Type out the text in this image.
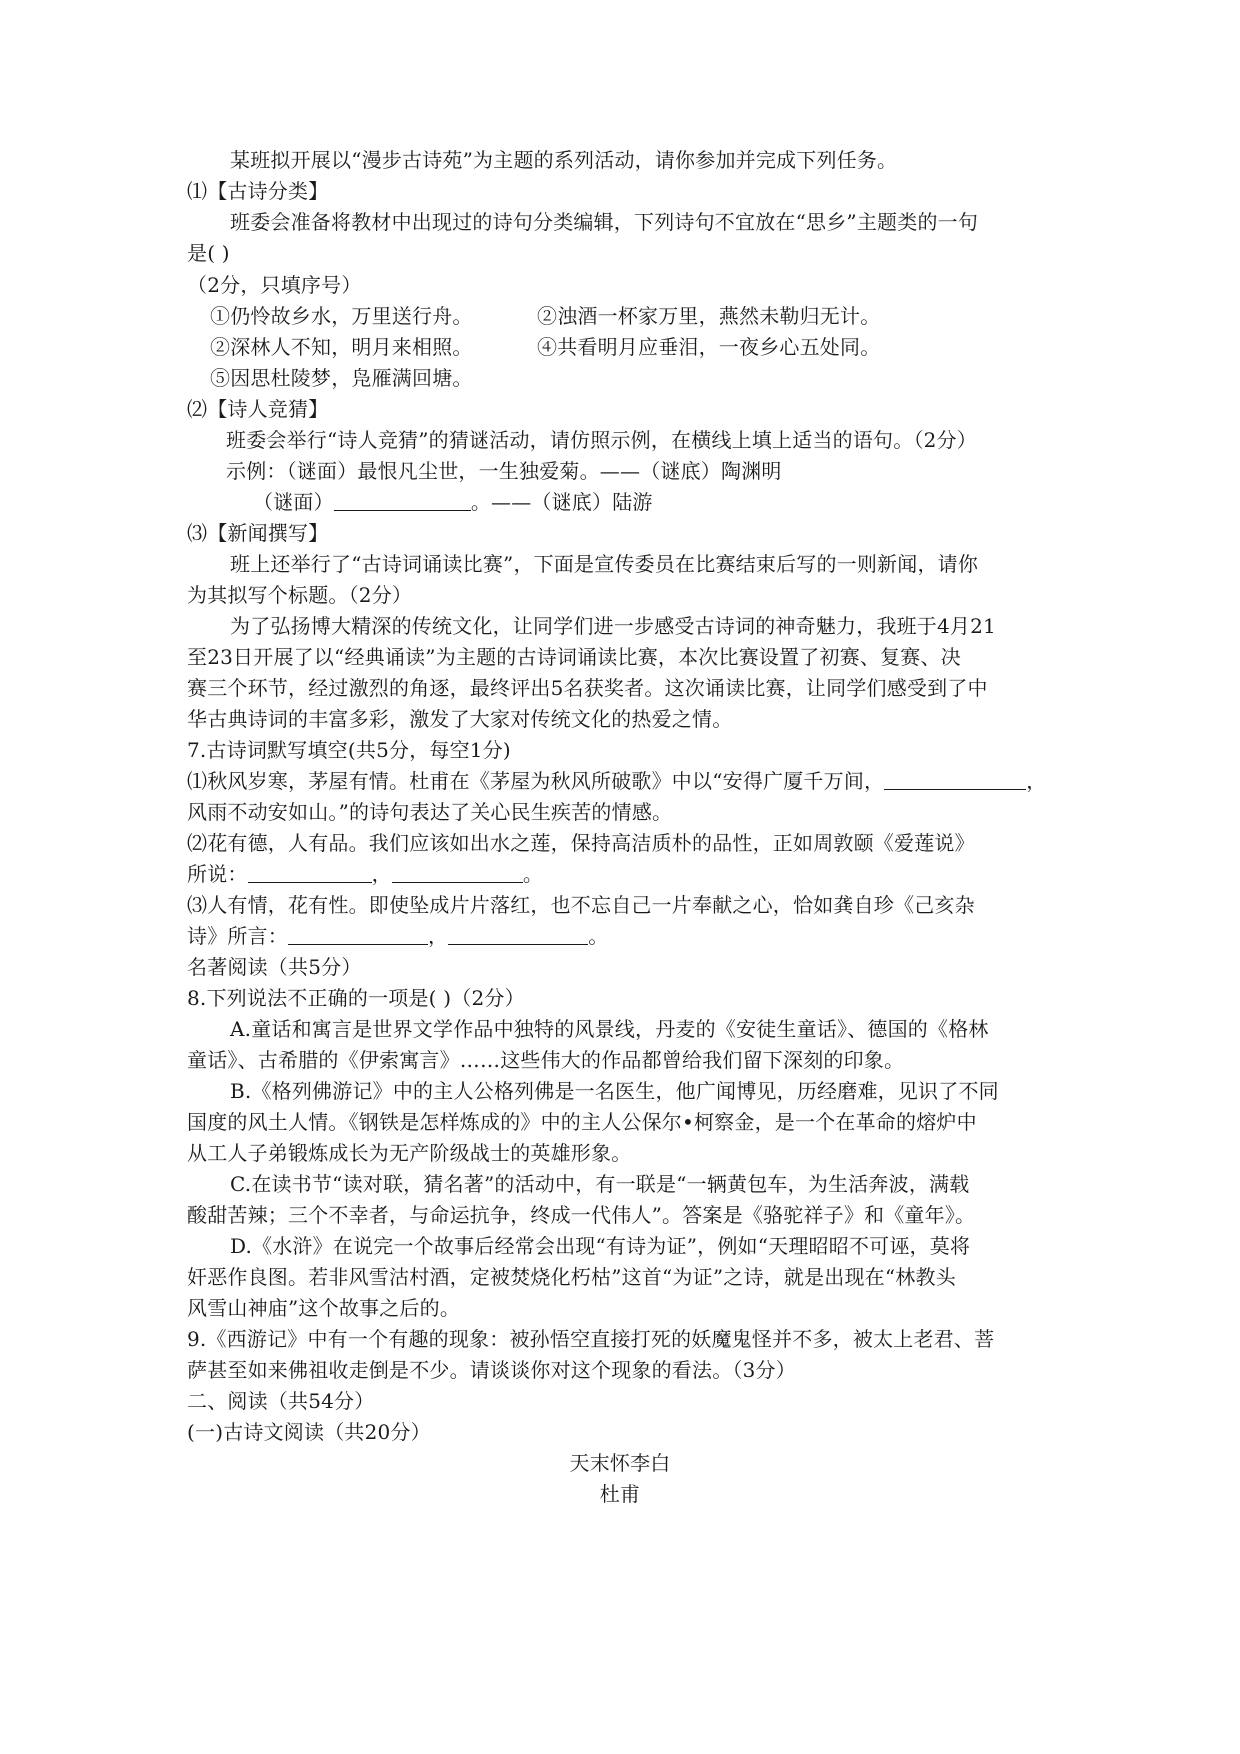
某班拟开展以“漫步古诗苑”为主题的系列活动，请你参加并完成下列任务。
⑴【古诗分类】
班委会准备将教材中出现过的诗句分类编辑，下列诗句不宜放在“思乡”主题类的一句
是( )
（2分，只填序号）
①仍怜故乡水，万里送行舟。	②浊酒一杯家万里，燕然未勒归无计。
②深林人不知，明月来相照。	④共看明月应垂泪，一夜乡心五处同。
⑤因思杜陵梦，凫雁满回塘。
⑵【诗人竞猜】
班委会举行“诗人竞猜”的猜谜活动，请仿照示例，在横线上填上适当的语句。（2分）
示例：（谜面）最恨凡尘世，一生独爱菊。——（谜底）陶渊明
（谜面）	。——（谜底）陆游
⑶【新闻撰写】
班上还举行了“古诗词诵读比赛”，下面是宣传委员在比赛结束后写的一则新闻，请你
为其拟写个标题。（2分）
为了弘扬博大精深的传统文化，让同学们进一步感受古诗词的神奇魅力，我班于4月21
至23日开展了以“经典诵读”为主题的古诗词诵读比赛，本次比赛设置了初赛、复赛、决
赛三个环节，经过激烈的角逐，最终评出5名获奖者。这次诵读比赛，让同学们感受到了中
华古典诗词的丰富多彩，激发了大家对传统文化的热爱之情。
7.古诗词默写填空(共5分，每空1分)
⑴秋风岁寒，茅屋有情。杜甫在《茅屋为秋风所破歌》中以“安得广厦千万间，	，
风雨不动安如山。”的诗句表达了关心民生疾苦的情感。
⑵花有德，人有品。我们应该如出水之莲，保持高洁质朴的品性，正如周敦颐《爱莲说》
所说：	，	。
⑶人有情，花有性。即使坠成片片落红，也不忘自己一片奉献之心，恰如龚自珍《己亥杂
诗》所言：	，	。
名著阅读（共5分）
8.下列说法不正确的一项是( )（2分）
A.童话和寓言是世界文学作品中独特的风景线，丹麦的《安徒生童话》、德国的《格林
童话》、古希腊的《伊索寓言》……这些伟大的作品都曾给我们留下深刻的印象。
B.《格列佛游记》中的主人公格列佛是一名医生，他广闻博见，历经磨难，见识了不同
国度的风土人情。《钢铁是怎样炼成的》中的主人公保尔•柯察金，是一个在革命的熔炉中
从工人子弟锻炼成长为无产阶级战士的英雄形象。
C.在读书节“读对联，猜名著”的活动中，有一联是“一辆黄包车，为生活奔波，满载
酸甜苦辣；三个不幸者，与命运抗争，终成一代伟人”。答案是《骆驼祥子》和《童年》。
D.《水浒》在说完一个故事后经常会出现“有诗为证”，例如“天理昭昭不可诬，莫将
奸恶作良图。若非风雪沽村酒，定被焚烧化朽枯”这首“为证”之诗，就是出现在“林教头
风雪山神庙”这个故事之后的。
9.《西游记》中有一个有趣的现象：被孙悟空直接打死的妖魔鬼怪并不多，被太上老君、菩
萨甚至如来佛祖收走倒是不少。请谈谈你对这个现象的看法。（3分）
二、阅读（共54分）
(一)古诗文阅读（共20分）
天末怀李白
杜甫
